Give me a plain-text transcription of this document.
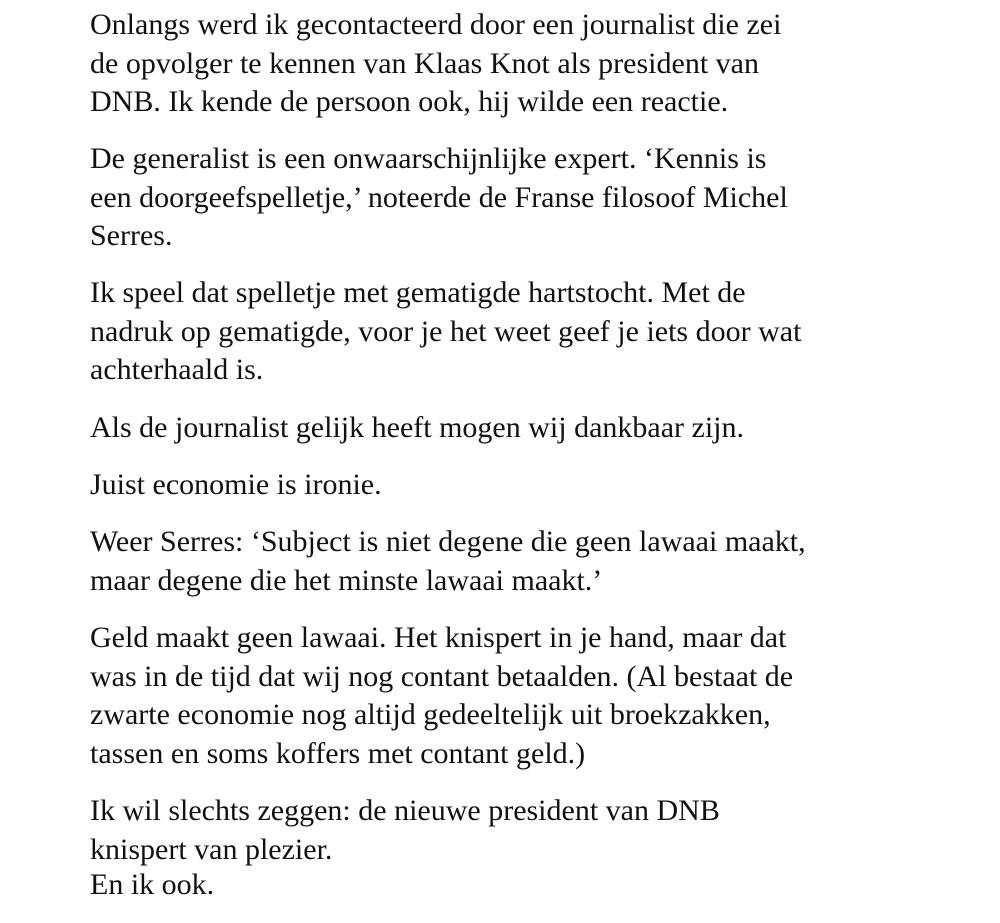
Onlangs werd ik gecontacteerd door een journalist die zei
de opvolger te kennen van Klaas Knot als president van
DNB. Ik kende de persoon ook, hij wilde een reactie.

De generalist is een onwaarschijnlijke expert. ‘Kennis is
een doorgeefspelletje,’ noteerde de Franse filosoof Michel
Serres.

Ik speel dat spelletje met gematigde hartstocht. Met de
nadruk op gematigde, voor je het weet geef je iets door wat
achterhaald is.

Als de journalist gelijk heeft mogen wij dankbaar zijn.

Juist economie is ironie.

Weer Serres: ‘Subject is niet degene die geen lawaai maakt,
maar degene die het minste lawaai maakt.’

Geld maakt geen lawaai. Het knispert in je hand, maar dat
was in de tijd dat wij nog contant betaalden. (Al bestaat de
zwarte economie nog altijd gedeeltelijk uit broekzakken,
tassen en soms koffers met contant geld.)

Ik wil slechts zeggen: de nieuwe president van DNB
knispert van plezier.

En ik ook.
